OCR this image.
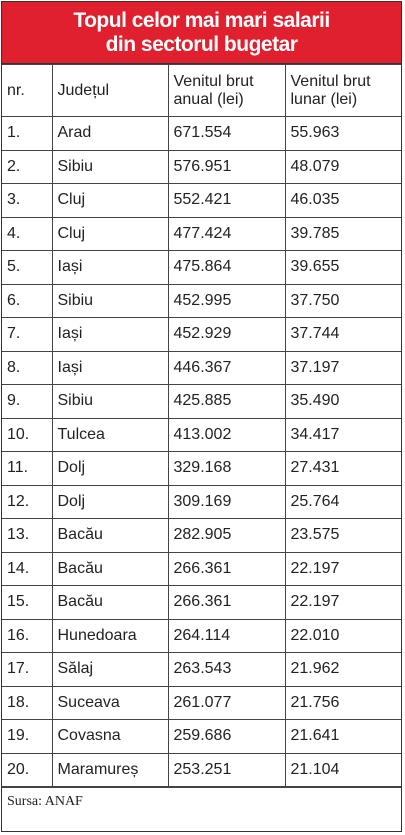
Topul celor mai mari salarii
din sectorul bugetar
nr.	Județul	Venitul brut anual (lei)	Venitul brut lunar (lei)
1.	Arad	671.554	55.963
2.	Sibiu	576.951	48.079
3.	Cluj	552.421	46.035
4.	Cluj	477.424	39.785
5.	Iași	475.864	39.655
6.	Sibiu	452.995	37.750
7.	Iași	452.929	37.744
8.	Iași	446.367	37.197
9.	Sibiu	425.885	35.490
10.	Tulcea	413.002	34.417
11.	Dolj	329.168	27.431
12.	Dolj	309.169	25.764
13.	Bacău	282.905	23.575
14.	Bacău	266.361	22.197
15.	Bacău	266.361	22.197
16.	Hunedoara	264.114	22.010
17.	Sălaj	263.543	21.962
18.	Suceava	261.077	21.756
19.	Covasna	259.686	21.641
20.	Maramureș	253.251	21.104
Sursa: ANAF
